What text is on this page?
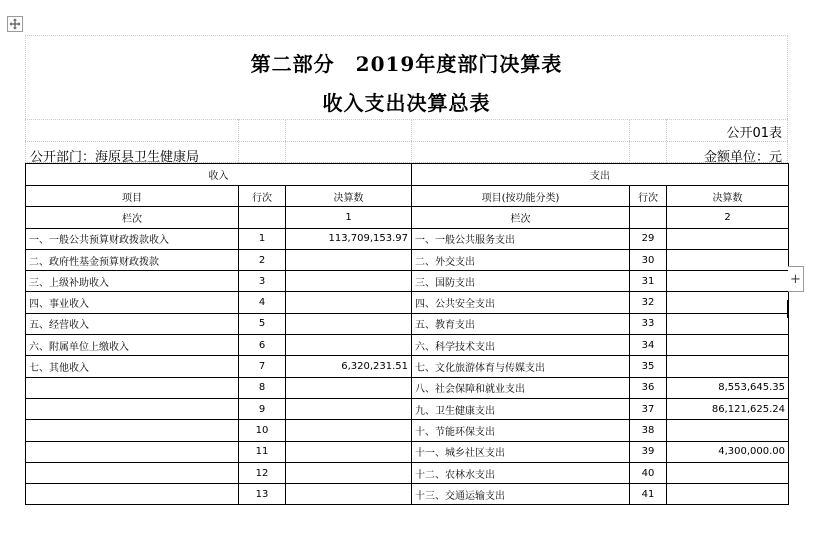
第二部分　2019年度部门决算表
收入支出决算总表
公开01表
公开部门：海原县卫生健康局	金额单位：元
收入			支出		
项目	行次	决算数	项目(按功能分类)	行次	决算数
栏次		1	栏次		2
一、一般公共预算财政拨款收入	1	113,709,153.97	一、一般公共服务支出	29	
二、政府性基金预算财政拨款	2		二、外交支出	30	
三、上级补助收入	3		三、国防支出	31	
四、事业收入	4		四、公共安全支出	32	
五、经营收入	5		五、教育支出	33	
六、附属单位上缴收入	6		六、科学技术支出	34	
七、其他收入	7	6,320,231.51	七、文化旅游体育与传媒支出	35	
	8		八、社会保障和就业支出	36	8,553,645.35
	9		九、卫生健康支出	37	86,121,625.24
	10		十、节能环保支出	38	
	11		十一、城乡社区支出	39	4,300,000.00
	12		十二、农林水支出	40	
	13		十三、交通运输支出	41	
+
